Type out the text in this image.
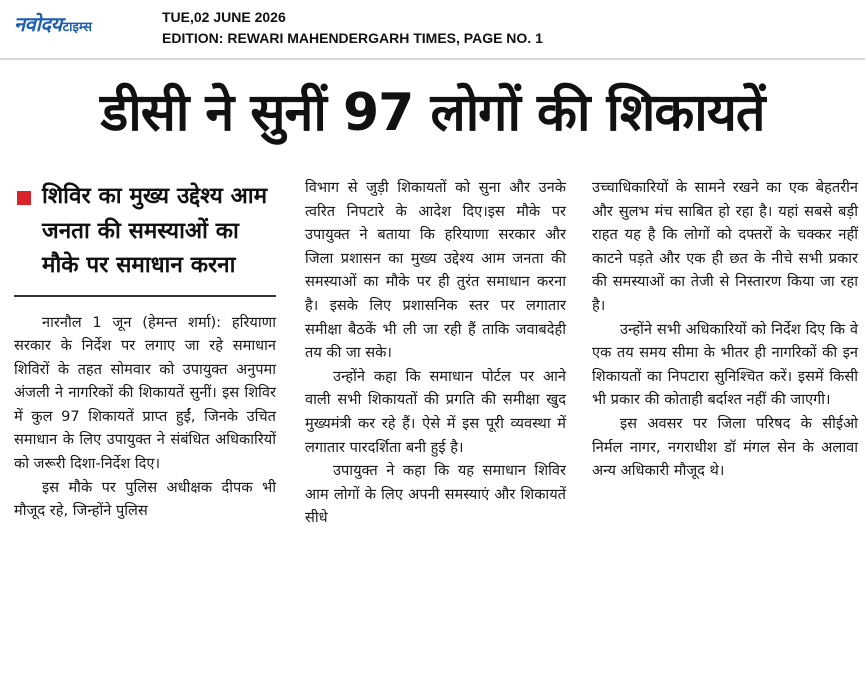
नवोदयटाइम्स
TUE,02 JUNE 2026
EDITION: REWARI MAHENDERGARH TIMES, PAGE NO. 1
डीसी ने सुनीं 97 लोगों की शिकायतें
शिविर का मुख्य उद्देश्य आम जनता की समस्याओं का मौके पर समाधान करना

नारनौल 1 जून (हेमन्त शर्मा): हरियाणा सरकार के निर्देश पर लगाए जा रहे समाधान शिविरों के तहत सोमवार को उपायुक्त अनुपमा अंजली ने नागरिकों की शिकायतें सुनीं। इस शिविर में कुल 97 शिकायतें प्राप्त हुईं, जिनके उचित समाधान के लिए उपायुक्त ने संबंधित अधिकारियों को जरूरी दिशा-निर्देश दिए।

इस मौके पर पुलिस अधीक्षक दीपक भी मौजूद रहे, जिन्होंने पुलिस

विभाग से जुड़ी शिकायतों को सुना और उनके त्वरित निपटारे के आदेश दिए।इस मौके पर उपायुक्त ने बताया कि हरियाणा सरकार और जिला प्रशासन का मुख्य उद्देश्य आम जनता की समस्याओं का मौके पर ही तुरंत समाधान करना है। इसके लिए प्रशासनिक स्तर पर लगातार समीक्षा बैठकें भी ली जा रही हैं ताकि जवाबदेही तय की जा सके।

उन्होंने कहा कि समाधान पोर्टल पर आने वाली सभी शिकायतों की प्रगति की समीक्षा खुद मुख्यमंत्री कर रहे हैं। ऐसे में इस पूरी व्यवस्था में लगातार पारदर्शिता बनी हुई है।

उपायुक्त ने कहा कि यह समाधान शिविर आम लोगों के लिए अपनी समस्याएं और शिकायतें सीधे

उच्चाधिकारियों के सामने रखने का एक बेहतरीन और सुलभ मंच साबित हो रहा है। यहां सबसे बड़ी राहत यह है कि लोगों को दफ्तरों के चक्कर नहीं काटने पड़ते और एक ही छत के नीचे सभी प्रकार की समस्याओं का तेजी से निस्तारण किया जा रहा है।

उन्होंने सभी अधिकारियों को निर्देश दिए कि वे एक तय समय सीमा के भीतर ही नागरिकों की इन शिकायतों का निपटारा सुनिश्चित करें। इसमें किसी भी प्रकार की कोताही बर्दाश्त नहीं की जाएगी।

इस अवसर पर जिला परिषद के सीईओ निर्मल नागर, नगराधीश डॉ मंगल सेन के अलावा अन्य अधिकारी मौजूद थे।
